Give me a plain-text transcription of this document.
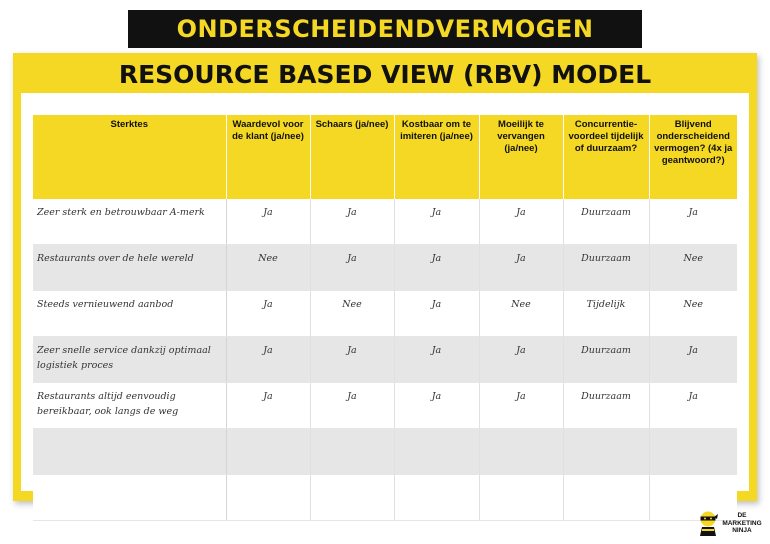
ONDERSCHEIDENDVERMOGEN
RESOURCE BASED VIEW (RBV) MODEL
Sterktes	Waardevol voor de klant (ja/nee)	Schaars (ja/nee)	Kostbaar om te imiteren (ja/nee)	Moeilijk te vervangen (ja/nee)	Concurrentie-voordeel tijdelijk of duurzaam?	Blijvend onderscheidend vermogen? (4x ja geantwoord?)
Zeer sterk en betrouwbaar A-merk	Ja	Ja	Ja	Ja	Duurzaam	Ja
Restaurants over de hele wereld	Nee	Ja	Ja	Ja	Duurzaam	Nee
Steeds vernieuwend aanbod	Ja	Nee	Ja	Nee	Tijdelijk	Nee
Zeer snelle service dankzij optimaal logistiek proces	Ja	Ja	Ja	Ja	Duurzaam	Ja
Restaurants altijd eenvoudig bereikbaar, ook langs de weg	Ja	Ja	Ja	Ja	Duurzaam	Ja

DE
MARKETING
NINJA
